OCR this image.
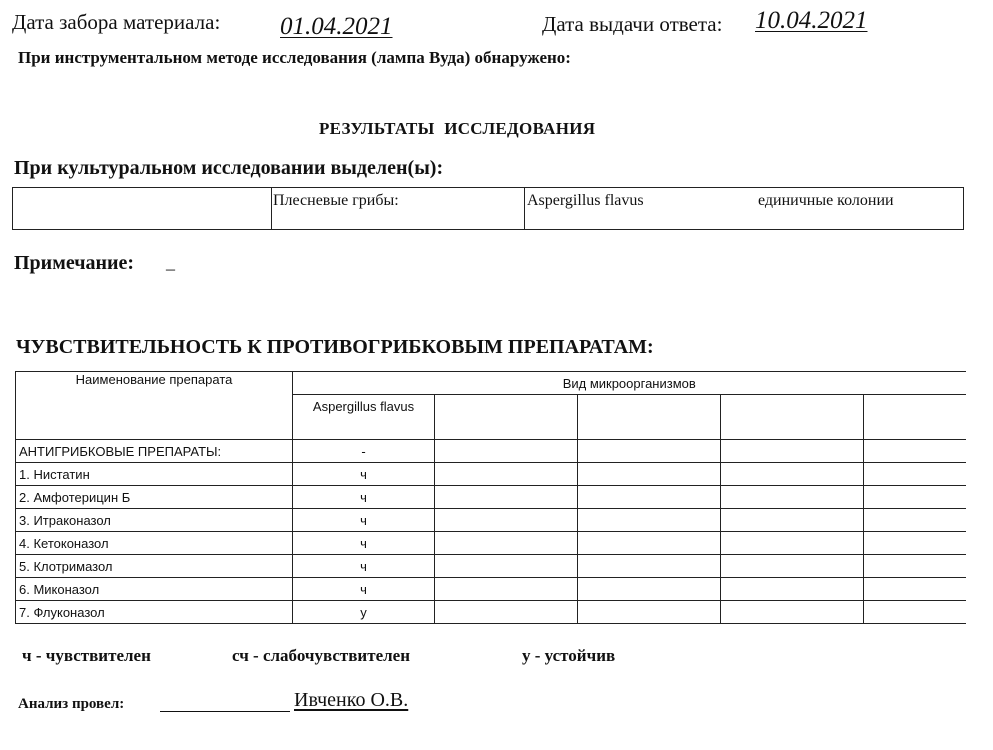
Дата забора материала: 01.04.2021	Дата выдачи ответа: 10.04.2021
При инструментальном методе исследования (лампа Вуда) обнаружено:
РЕЗУЛЬТАТЫ ИССЛЕДОВАНИЯ
При культуральном исследовании выделен(ы):
Плесневые грибы:	Aspergillus flavus	единичные колонии
Примечание: _
ЧУВСТВИТЕЛЬНОСТЬ К ПРОТИВОГРИБКОВЫМ ПРЕПАРАТАМ:
Наименование препарата	Вид микроорганизмов				
	Aspergillus flavus				
АНТИГРИБКОВЫЕ ПРЕПАРАТЫ:	-				
1. Нистатин	ч				
2. Амфотерицин Б	ч				
3. Итраконазол	ч				
4. Кетоконазол	ч				
5. Клотримазол	ч				
6. Миконазол	ч				
7. Флуконазол	у				
ч - чувствителен	сч - слабочувствителен	у - устойчив
Анализ провел:	Ивченко О.В.
